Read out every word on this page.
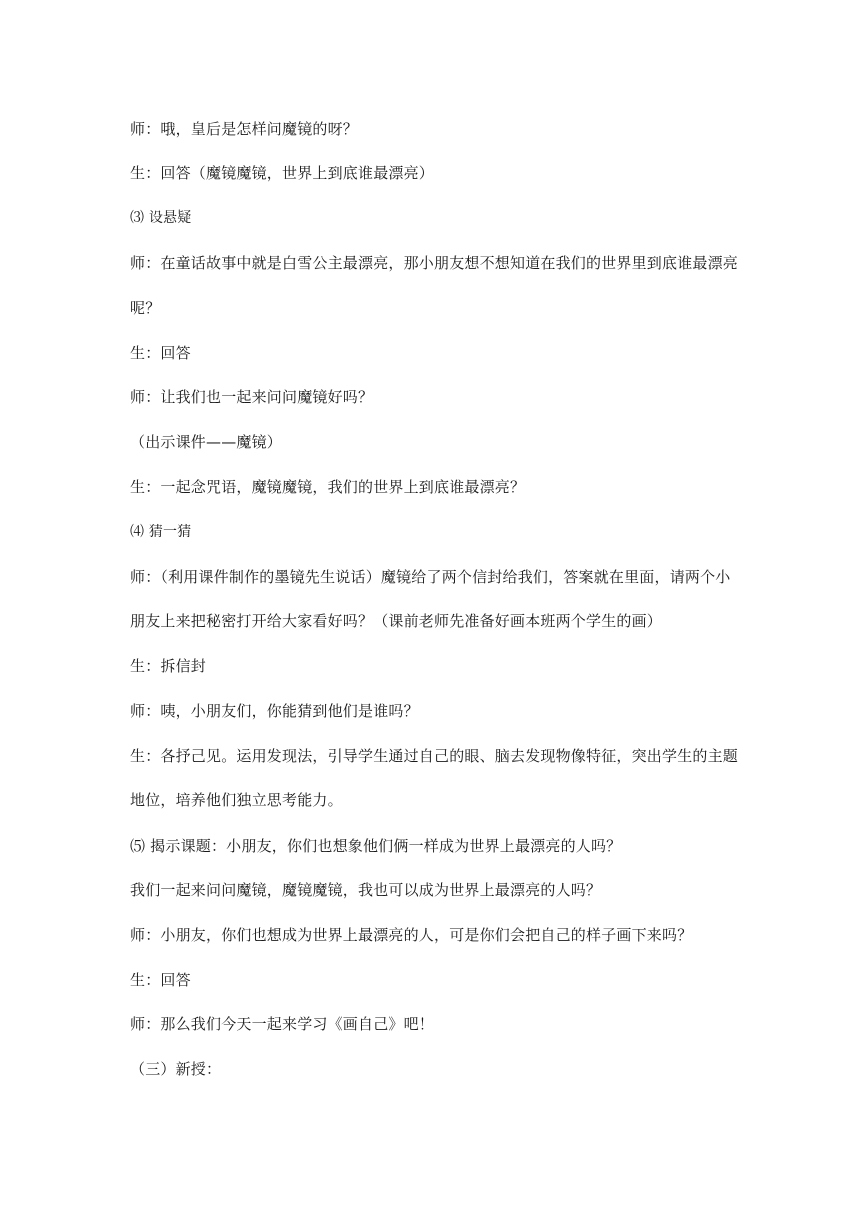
师：哦，皇后是怎样问魔镜的呀？
生：回答（魔镜魔镜，世界上到底谁最漂亮）
⑶ 设悬疑
师：在童话故事中就是白雪公主最漂亮，那小朋友想不想知道在我们的世界里到底谁最漂亮
呢？
生：回答
师：让我们也一起来问问魔镜好吗？
（出示课件——魔镜）
生：一起念咒语，魔镜魔镜，我们的世界上到底谁最漂亮？
⑷ 猜一猜
师：（利用课件制作的墨镜先生说话）魔镜给了两个信封给我们，答案就在里面，请两个小
朋友上来把秘密打开给大家看好吗？（课前老师先准备好画本班两个学生的画）
生：拆信封
师：咦，小朋友们，你能猜到他们是谁吗？
生：各抒己见。运用发现法，引导学生通过自己的眼、脑去发现物像特征，突出学生的主题
地位，培养他们独立思考能力。
⑸ 揭示课题：小朋友，你们也想象他们俩一样成为世界上最漂亮的人吗？
我们一起来问问魔镜，魔镜魔镜，我也可以成为世界上最漂亮的人吗？
师：小朋友，你们也想成为世界上最漂亮的人，可是你们会把自己的样子画下来吗？
生：回答
师：那么我们今天一起来学习《画自己》吧！
（三）新授：
